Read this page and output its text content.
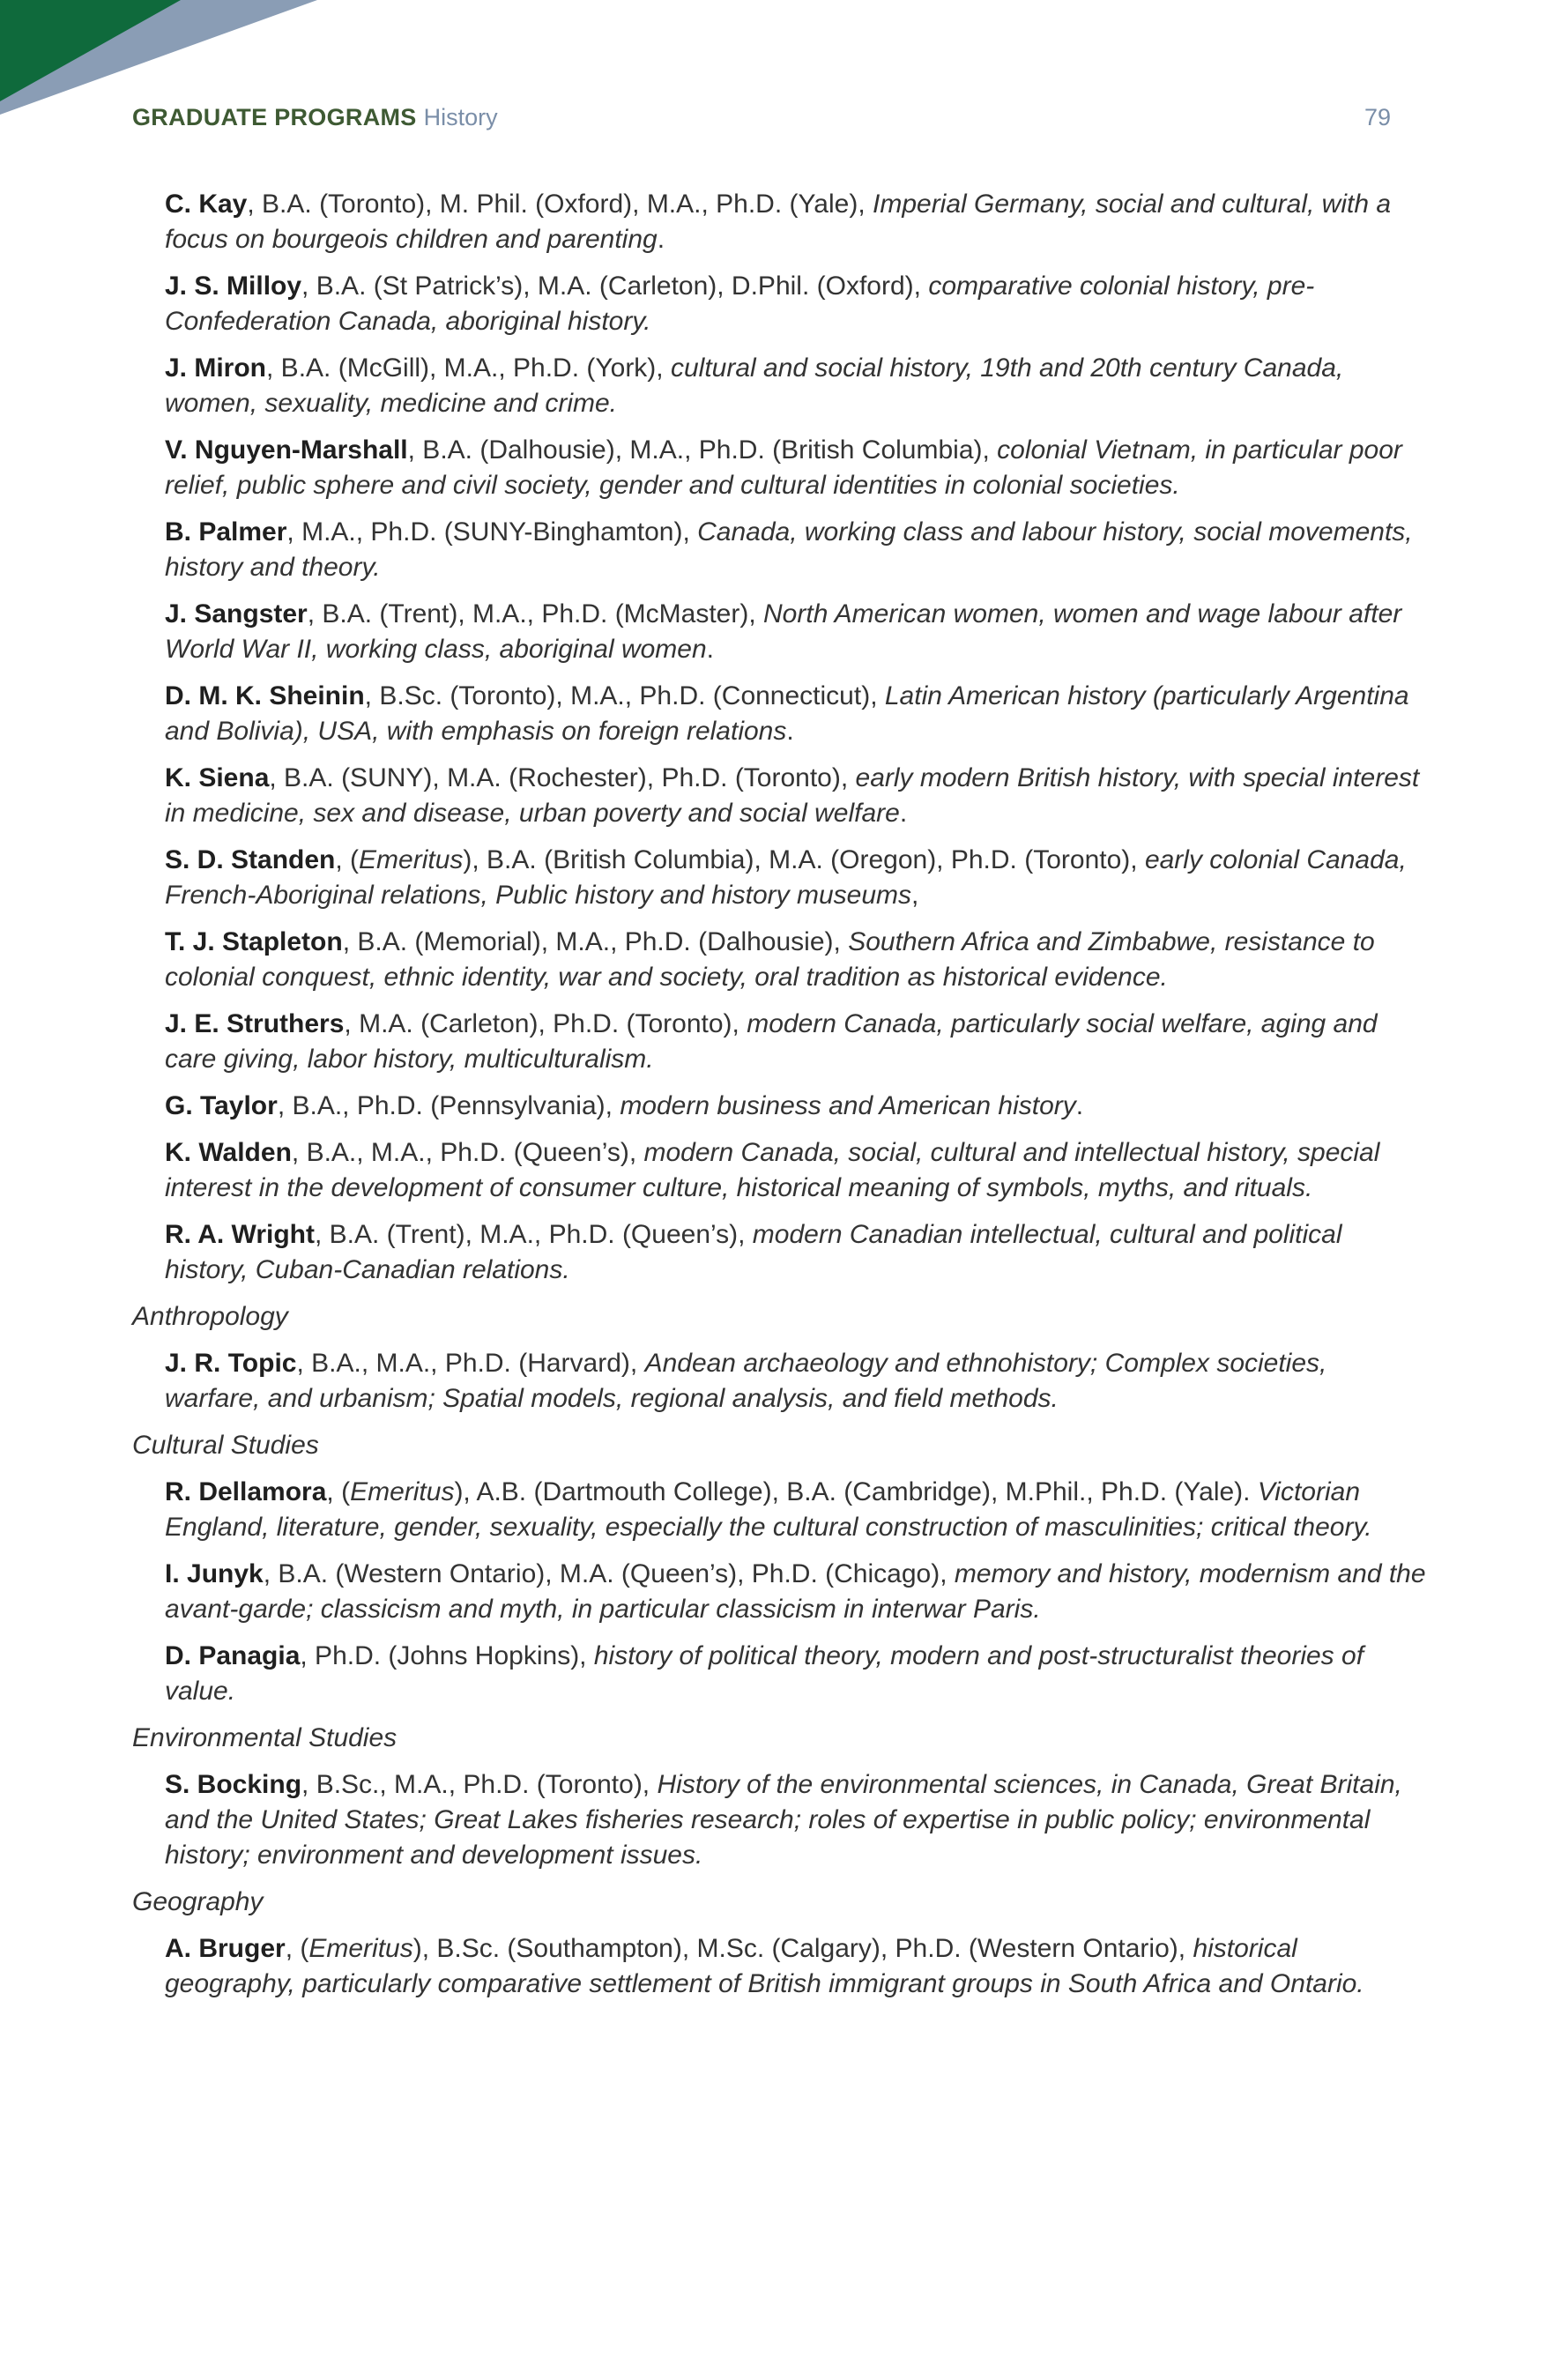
GRADUATE PROGRAMS History	79
C. Kay, B.A. (Toronto), M. Phil. (Oxford), M.A., Ph.D. (Yale), Imperial Germany, social and cultural, with a focus on bourgeois children and parenting.
J. S. Milloy, B.A. (St Patrick’s), M.A. (Carleton), D.Phil. (Oxford), comparative colonial history, pre-Confederation Canada, aboriginal history.
J. Miron, B.A. (McGill), M.A., Ph.D. (York), cultural and social history, 19th and 20th century Canada, women, sexuality, medicine and crime.
V. Nguyen-Marshall, B.A. (Dalhousie), M.A., Ph.D. (British Columbia), colonial Vietnam, in particular poor relief, public sphere and civil society, gender and cultural identities in colonial societies.
B. Palmer, M.A., Ph.D. (SUNY-Binghamton), Canada, working class and labour history, social movements, history and theory.
J. Sangster, B.A. (Trent), M.A., Ph.D. (McMaster), North American women, women and wage labour after World War II, working class, aboriginal women.
D. M. K. Sheinin, B.Sc. (Toronto), M.A., Ph.D. (Connecticut), Latin American history (particularly Argentina and Bolivia), USA, with emphasis on foreign relations.
K. Siena, B.A. (SUNY), M.A. (Rochester), Ph.D. (Toronto), early modern British history, with special interest in medicine, sex and disease, urban poverty and social welfare.
S. D. Standen, (Emeritus), B.A. (British Columbia), M.A. (Oregon), Ph.D. (Toronto), early colonial Canada, French-Aboriginal relations, Public history and history museums,
T. J. Stapleton, B.A. (Memorial), M.A., Ph.D. (Dalhousie), Southern Africa and Zimbabwe, resistance to colonial conquest, ethnic identity, war and society, oral tradition as historical evidence.
J. E. Struthers, M.A. (Carleton), Ph.D. (Toronto), modern Canada, particularly social welfare, aging and care giving, labor history, multiculturalism.
G. Taylor, B.A., Ph.D. (Pennsylvania), modern business and American history.
K. Walden, B.A., M.A., Ph.D. (Queen’s), modern Canada, social, cultural and intellectual history, special interest in the development of consumer culture, historical meaning of symbols, myths, and rituals.
R. A. Wright, B.A. (Trent), M.A., Ph.D. (Queen’s), modern Canadian intellectual, cultural and political history, Cuban-Canadian relations.
Anthropology
J. R. Topic, B.A., M.A., Ph.D. (Harvard), Andean archaeology and ethnohistory; Complex societies, warfare, and urbanism; Spatial models, regional analysis, and field methods.
Cultural Studies
R. Dellamora, (Emeritus), A.B. (Dartmouth College), B.A. (Cambridge), M.Phil., Ph.D. (Yale). Victorian England, literature, gender, sexuality, especially the cultural construction of masculinities; critical theory.
I. Junyk, B.A. (Western Ontario), M.A. (Queen’s), Ph.D. (Chicago), memory and history, modernism and the avant-garde; classicism and myth, in particular classicism in interwar Paris.
D. Panagia, Ph.D. (Johns Hopkins), history of political theory, modern and post-structuralist theories of value.
Environmental Studies
S. Bocking, B.Sc., M.A., Ph.D. (Toronto), History of the environmental sciences, in Canada, Great Britain, and the United States; Great Lakes fisheries research; roles of expertise in public policy; environmental history; environment and development issues.
Geography
A. Bruger, (Emeritus), B.Sc. (Southampton), M.Sc. (Calgary), Ph.D. (Western Ontario), historical geography, particularly comparative settlement of British immigrant groups in South Africa and Ontario.
